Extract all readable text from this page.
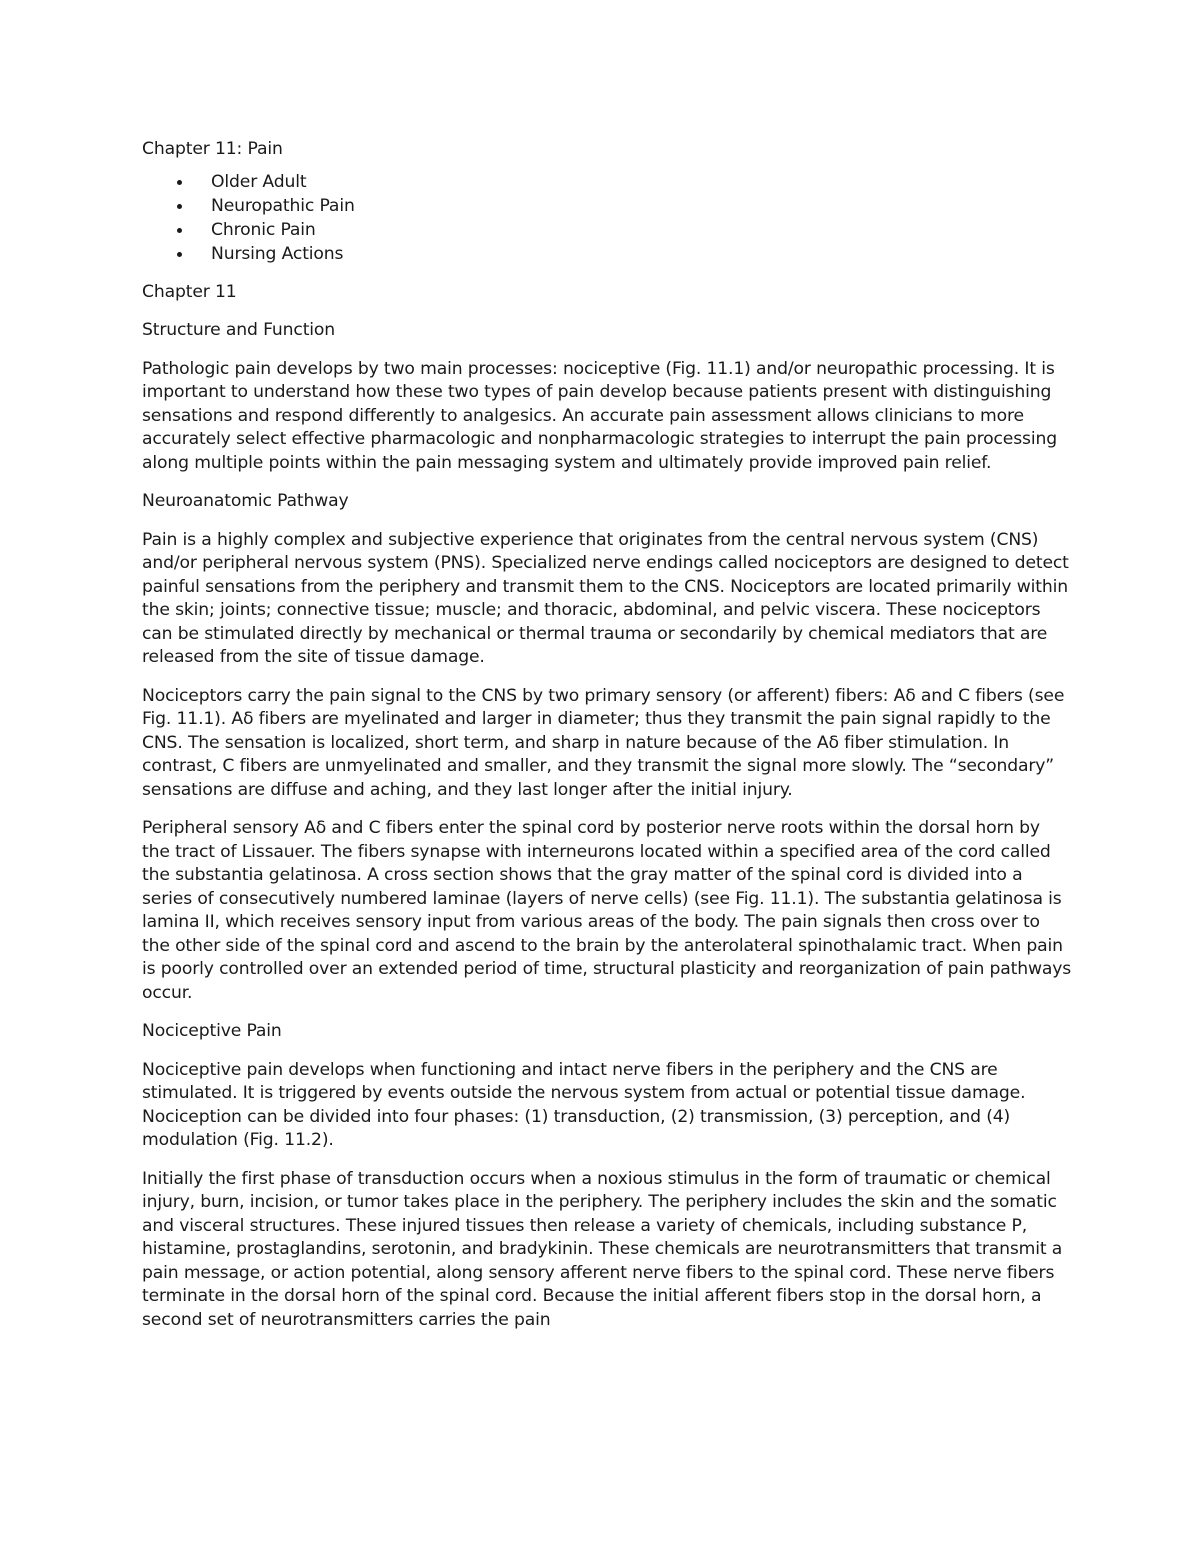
Chapter 11: Pain

Older Adult
Neuropathic Pain
Chronic Pain
Nursing Actions

Chapter 11

Structure and Function

Pathologic pain develops by two main processes: nociceptive (Fig. 11.1) and/or neuropathic processing. It is important to understand how these two types of pain develop because patients present with distinguishing sensations and respond differently to analgesics. An accurate pain assessment allows clinicians to more accurately select effective pharmacologic and nonpharmacologic strategies to interrupt the pain processing along multiple points within the pain messaging system and ultimately provide improved pain relief.

Neuroanatomic Pathway

Pain is a highly complex and subjective experience that originates from the central nervous system (CNS) and/or peripheral nervous system (PNS). Specialized nerve endings called nociceptors are designed to detect painful sensations from the periphery and transmit them to the CNS. Nociceptors are located primarily within the skin; joints; connective tissue; muscle; and thoracic, abdominal, and pelvic viscera. These nociceptors can be stimulated directly by mechanical or thermal trauma or secondarily by chemical mediators that are released from the site of tissue damage.

Nociceptors carry the pain signal to the CNS by two primary sensory (or afferent) fibers: Aδ and C fibers (see Fig. 11.1). Aδ fibers are myelinated and larger in diameter; thus they transmit the pain signal rapidly to the CNS. The sensation is localized, short term, and sharp in nature because of the Aδ fiber stimulation. In contrast, C fibers are unmyelinated and smaller, and they transmit the signal more slowly. The “secondary” sensations are diffuse and aching, and they last longer after the initial injury.

Peripheral sensory Aδ and C fibers enter the spinal cord by posterior nerve roots within the dorsal horn by the tract of Lissauer. The fibers synapse with interneurons located within a specified area of the cord called the substantia gelatinosa. A cross section shows that the gray matter of the spinal cord is divided into a series of consecutively numbered laminae (layers of nerve cells) (see Fig. 11.1). The substantia gelatinosa is lamina II, which receives sensory input from various areas of the body. The pain signals then cross over to the other side of the spinal cord and ascend to the brain by the anterolateral spinothalamic tract. When pain is poorly controlled over an extended period of time, structural plasticity and reorganization of pain pathways occur.

Nociceptive Pain

Nociceptive pain develops when functioning and intact nerve fibers in the periphery and the CNS are stimulated. It is triggered by events outside the nervous system from actual or potential tissue damage. Nociception can be divided into four phases: (1) transduction, (2) transmission, (3) perception, and (4) modulation (Fig. 11.2).

Initially the first phase of transduction occurs when a noxious stimulus in the form of traumatic or chemical injury, burn, incision, or tumor takes place in the periphery. The periphery includes the skin and the somatic and visceral structures. These injured tissues then release a variety of chemicals, including substance P, histamine, prostaglandins, serotonin, and bradykinin. These chemicals are neurotransmitters that transmit a pain message, or action potential, along sensory afferent nerve fibers to the spinal cord. These nerve fibers terminate in the dorsal horn of the spinal cord. Because the initial afferent fibers stop in the dorsal horn, a second set of neurotransmitters carries the pain
